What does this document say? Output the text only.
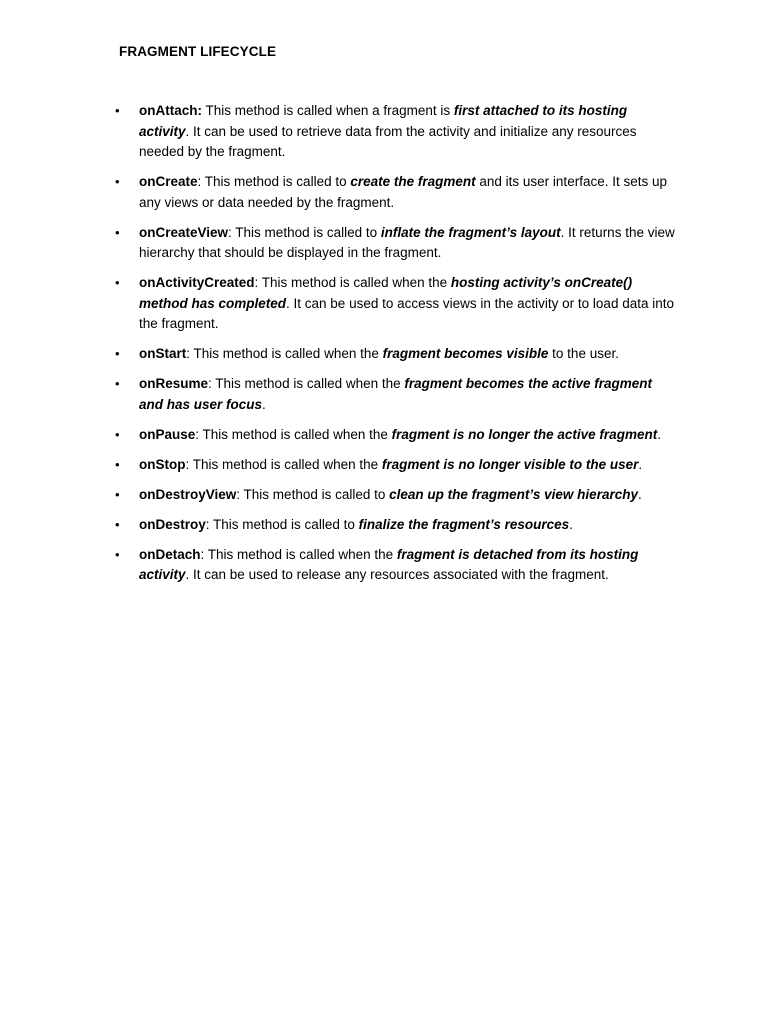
FRAGMENT LIFECYCLE
• onAttach: This method is called when a fragment is first attached to its hosting activity. It can be used to retrieve data from the activity and initialize any resources needed by the fragment.
• onCreate: This method is called to create the fragment and its user interface. It sets up any views or data needed by the fragment.
• onCreateView: This method is called to inflate the fragment’s layout. It returns the view hierarchy that should be displayed in the fragment.
• onActivityCreated: This method is called when the hosting activity’s onCreate() method has completed. It can be used to access views in the activity or to load data into the fragment.
• onStart: This method is called when the fragment becomes visible to the user.
• onResume: This method is called when the fragment becomes the active fragment and has user focus.
• onPause: This method is called when the fragment is no longer the active fragment.
• onStop: This method is called when the fragment is no longer visible to the user.
• onDestroyView: This method is called to clean up the fragment’s view hierarchy.
• onDestroy: This method is called to finalize the fragment’s resources.
• onDetach: This method is called when the fragment is detached from its hosting activity. It can be used to release any resources associated with the fragment.
